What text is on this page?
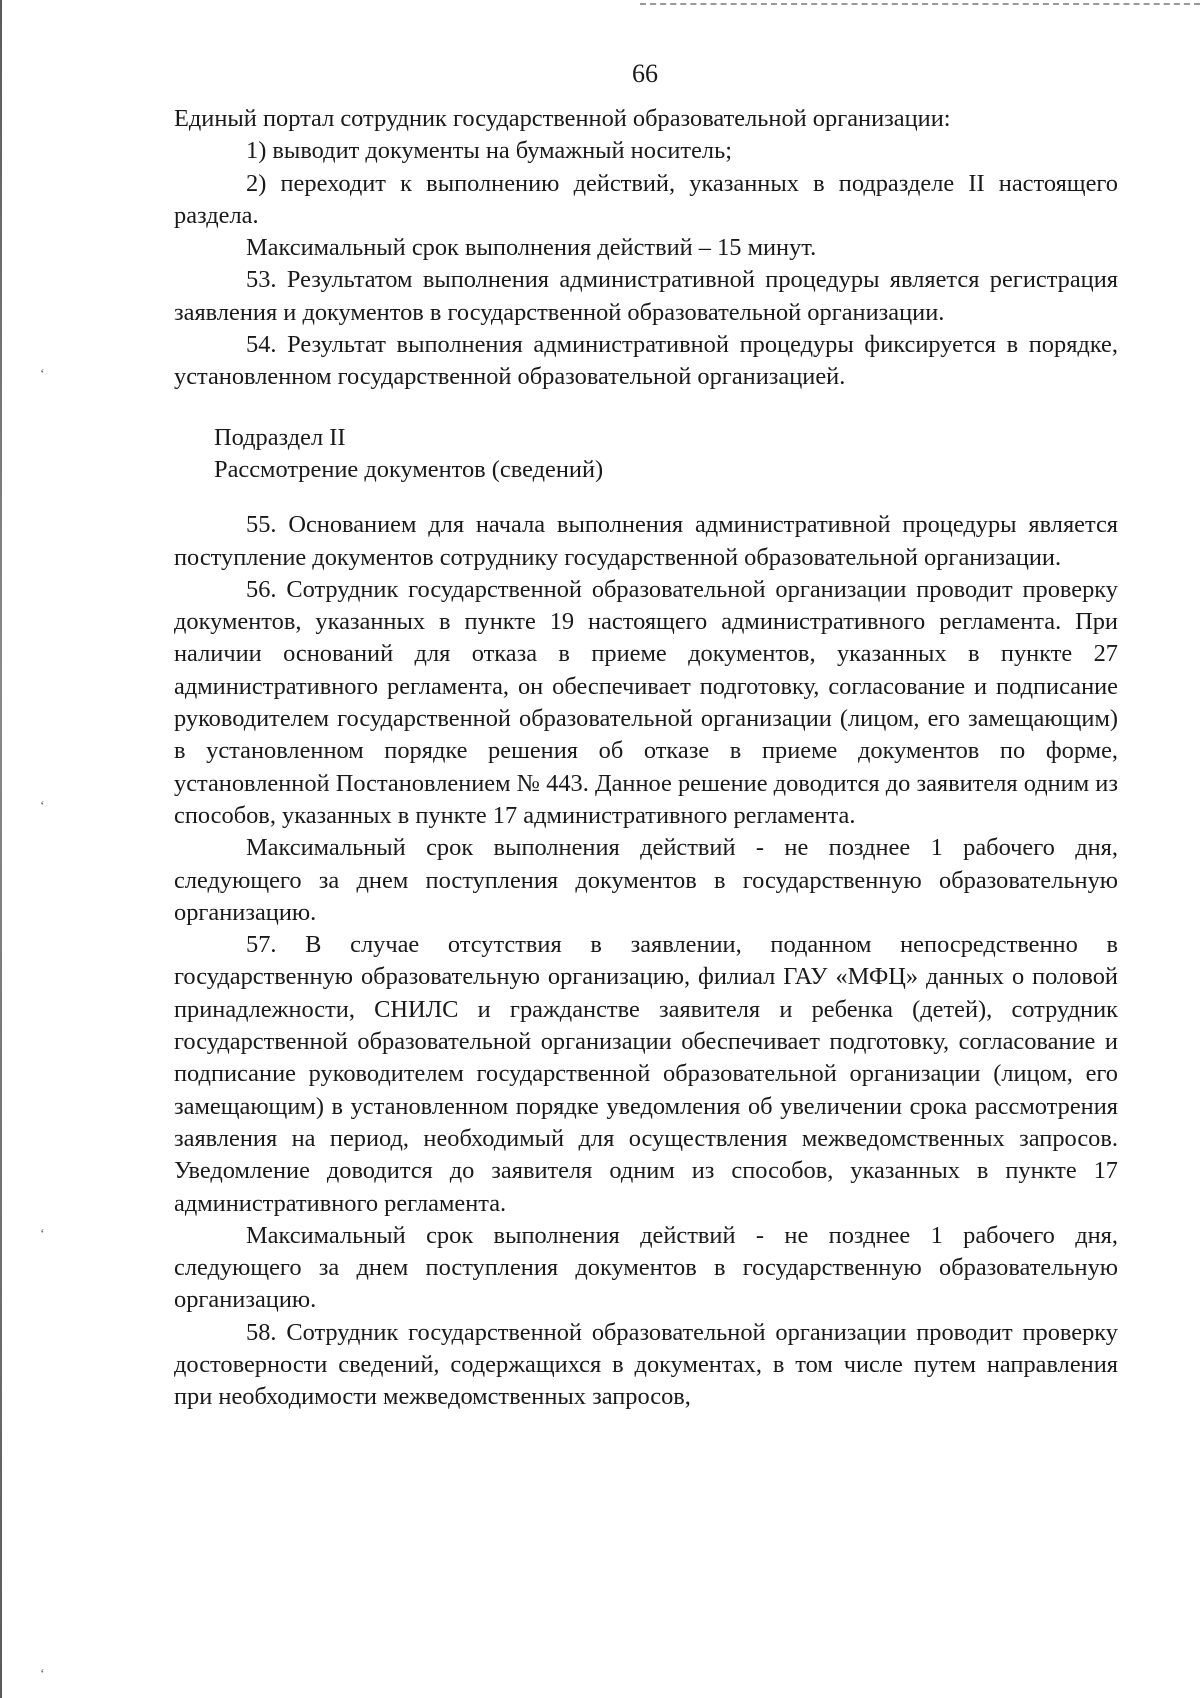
‘
‘
‘
‘
66

Единый портал сотрудник государственной образовательной организации:

1) выводит документы на бумажный носитель;

2) переходит к выполнению действий, указанных в подразделе II настоящего раздела.

Максимальный срок выполнения действий – 15 минут.

53. Результатом выполнения административной процедуры является регистрация заявления и документов в государственной образовательной организации.

54. Результат выполнения административной процедуры фиксируется в порядке, установленном государственной образовательной организацией.

Подраздел II

Рассмотрение документов (сведений)

55. Основанием для начала выполнения административной процедуры является поступление документов сотруднику государственной образовательной организации.

56. Сотрудник государственной образовательной организации проводит проверку документов, указанных в пункте 19 настоящего административного регламента. При наличии оснований для отказа в приеме документов, указанных в пункте 27 административного регламента, он обеспечивает подготовку, согласование и подписание руководителем государственной образовательной организации (лицом, его замещающим) в установленном порядке решения об отказе в приеме документов по форме, установленной Постановлением № 443. Данное решение доводится до заявителя одним из способов, указанных в пункте 17 административного регламента.

Максимальный срок выполнения действий - не позднее 1 рабочего дня, следующего за днем поступления документов в государственную образовательную организацию.

57. В случае отсутствия в заявлении, поданном непосредственно в государственную образовательную организацию, филиал ГАУ «МФЦ» данных о половой принадлежности, СНИЛС и гражданстве заявителя и ребенка (детей), сотрудник государственной образовательной организации обеспечивает подготовку, согласование и подписание руководителем государственной образовательной организации (лицом, его замещающим) в установленном порядке уведомления об увеличении срока рассмотрения заявления на период, необходимый для осуществления межведомственных запросов. Уведомление доводится до заявителя одним из способов, указанных в пункте 17 административного регламента.

Максимальный срок выполнения действий - не позднее 1 рабочего дня, следующего за днем поступления документов в государственную образовательную организацию.

58. Сотрудник государственной образовательной организации проводит проверку достоверности сведений, содержащихся в документах, в том числе путем направления при необходимости межведомственных запросов,
